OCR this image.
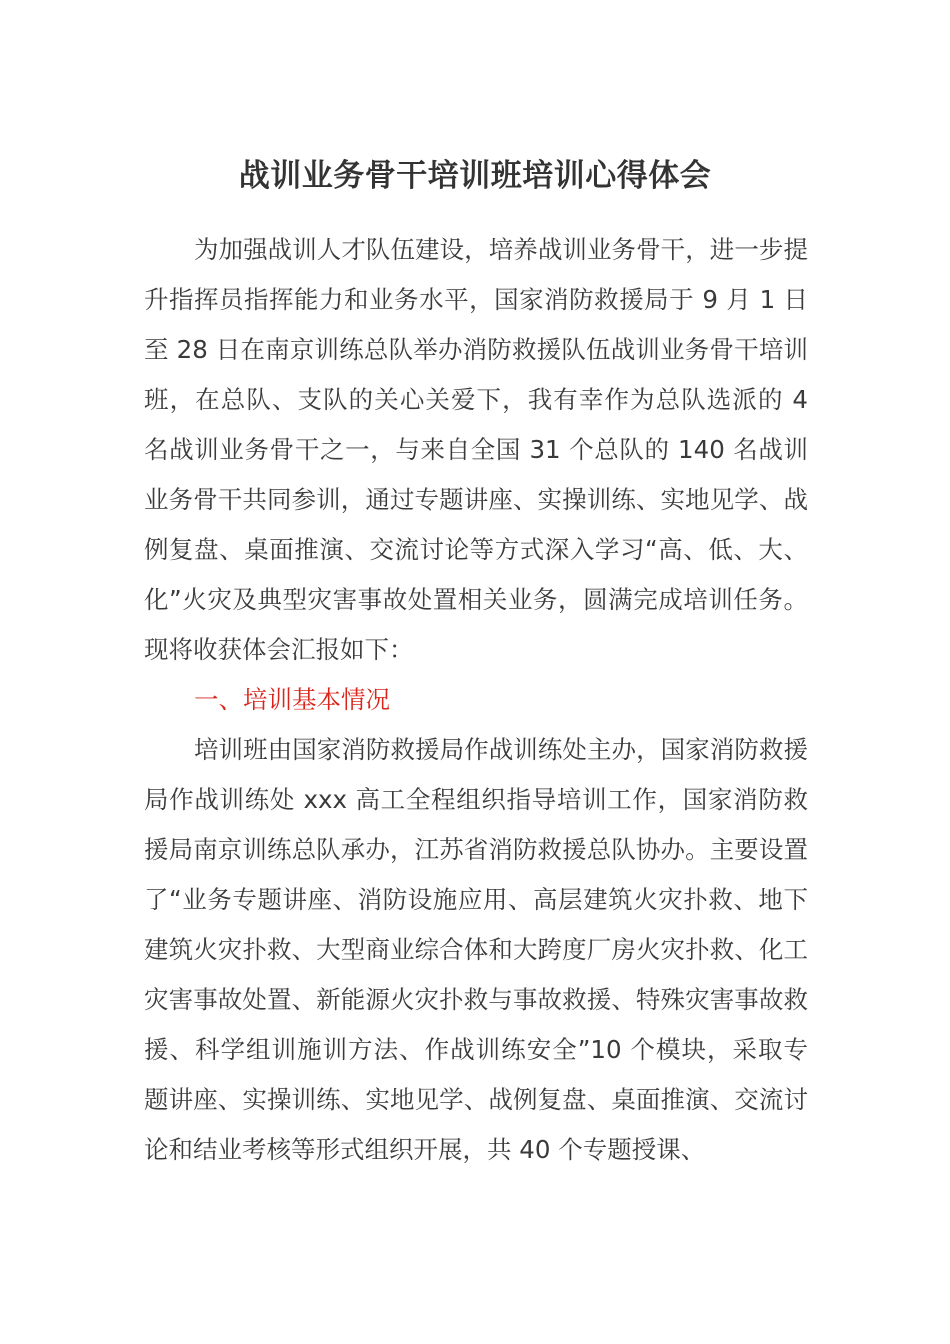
战训业务骨干培训班培训心得体会

为加强战训人才队伍建设，培养战训业务骨干，进一步提升指挥员指挥能力和业务水平，国家消防救援局于 9 月 1 日至 28 日在南京训练总队举办消防救援队伍战训业务骨干培训班，在总队、支队的关心关爱下，我有幸作为总队选派的 4 名战训业务骨干之一，与来自全国 31 个总队的 140 名战训业务骨干共同参训，通过专题讲座、实操训练、实地见学、战例复盘、桌面推演、交流讨论等方式深入学习“高、低、大、化”火灾及典型灾害事故处置相关业务，圆满完成培训任务。现将收获体会汇报如下：

一、培训基本情况

培训班由国家消防救援局作战训练处主办，国家消防救援局作战训练处 xxx 高工全程组织指导培训工作，国家消防救援局南京训练总队承办，江苏省消防救援总队协办。主要设置了“业务专题讲座、消防设施应用、高层建筑火灾扑救、地下建筑火灾扑救、大型商业综合体和大跨度厂房火灾扑救、化工灾害事故处置、新能源火灾扑救与事故救援、特殊灾害事故救援、科学组训施训方法、作战训练安全”10 个模块，采取专题讲座、实操训练、实地见学、战例复盘、桌面推演、交流讨论和结业考核等形式组织开展，共 40 个专题授课、
